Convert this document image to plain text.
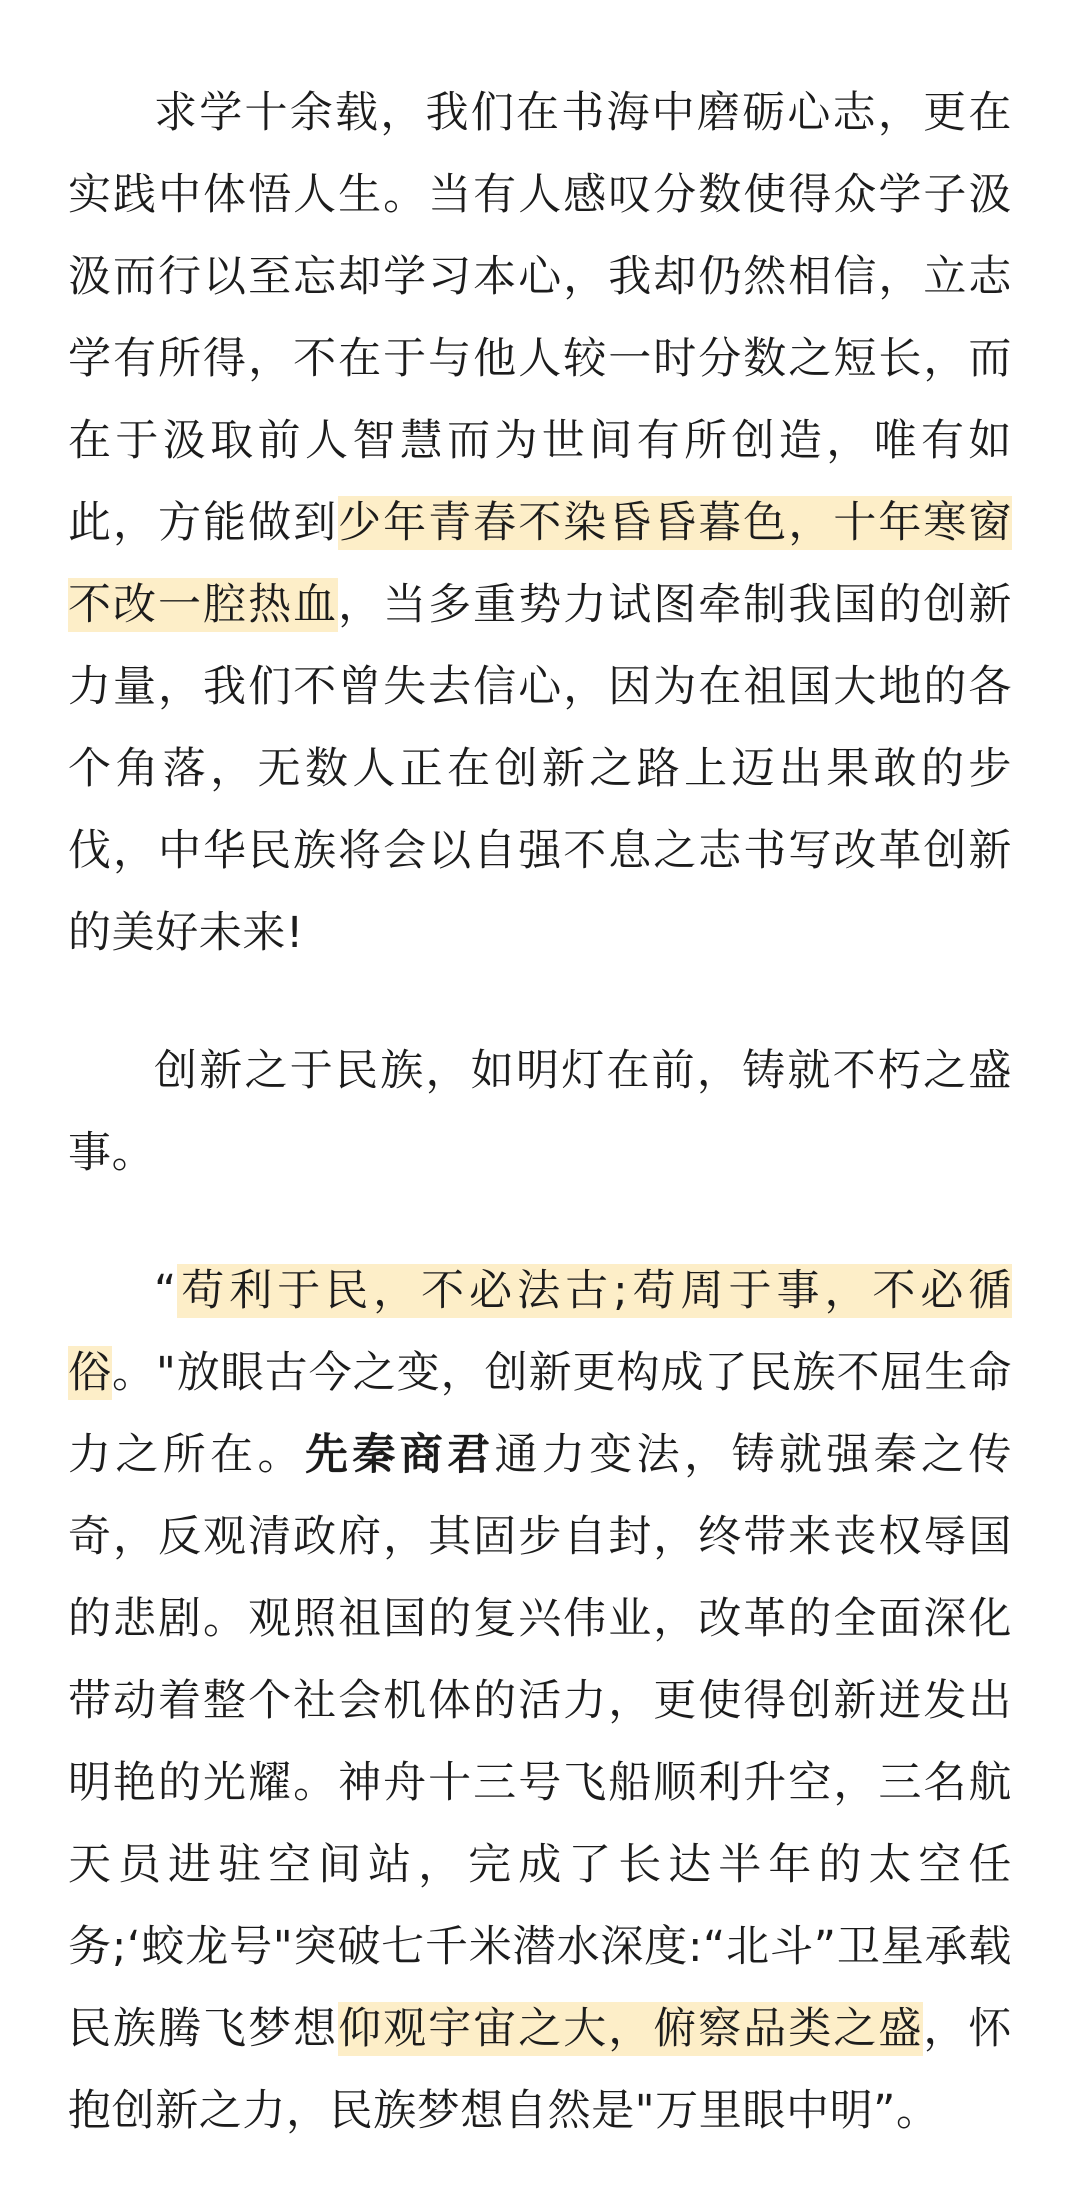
求学十余载，我们在书海中磨砺心志，更在实践中体悟人生。当有人感叹分数使得众学子汲汲而行以至忘却学习本心，我却仍然相信，立志学有所得，不在于与他人较一时分数之短长，而在于汲取前人智慧而为世间有所创造，唯有如此，方能做到少年青春不染昏昏暮色，十年寒窗不改一腔热血，当多重势力试图牵制我国的创新力量，我们不曾失去信心，因为在祖国大地的各个角落，无数人正在创新之路上迈出果敢的步伐，中华民族将会以自强不息之志书写改革创新的美好未来!

创新之于民族，如明灯在前，铸就不朽之盛事。

“苟利于民，不必法古;苟周于事，不必循俗。"放眼古今之变，创新更构成了民族不屈生命力之所在。先秦商君通力变法，铸就强秦之传奇，反观清政府，其固步自封，终带来丧权辱国的悲剧。观照祖国的复兴伟业，改革的全面深化带动着整个社会机体的活力，更使得创新迸发出明艳的光耀。神舟十三号飞船顺利升空，三名航天员进驻空间站，完成了长达半年的太空任务;‘蛟龙号"突破七千米潜水深度:“北斗”卫星承载民族腾飞梦想仰观宇宙之大，俯察品类之盛，怀抱创新之力，民族梦想自然是"万里眼中明”。
